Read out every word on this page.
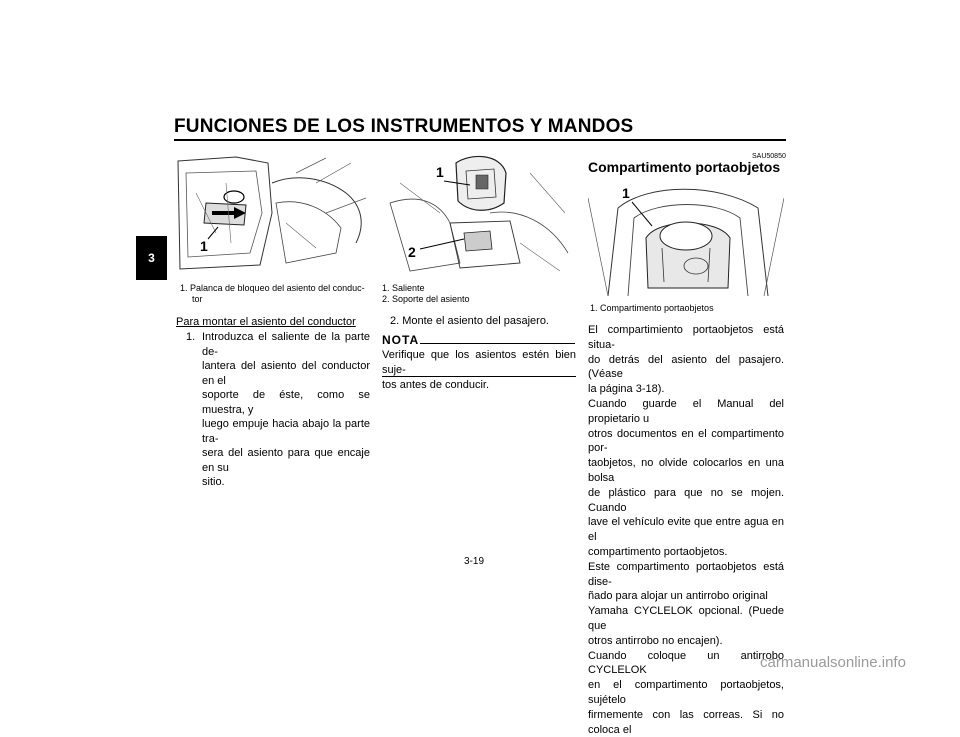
FUNCIONES DE LOS INSTRUMENTOS Y MANDOS
3
1
1. Palanca de bloqueo del asiento del conduc-
tor
Para montar el asiento del conductor
1. Introduzca el saliente de la parte de-
lantera del asiento del conductor en el
soporte de éste, como se muestra, y
luego empuje hacia abajo la parte tra-
sera del asiento para que encaje en su
sitio.
1
2
1. Saliente
2. Soporte del asiento
2. Monte el asiento del pasajero.
NOTA
Verifique que los asientos estén bien suje-
tos antes de conducir.
SAU50850
Compartimento portaobjetos
1
1. Compartimento portaobjetos
El compartimiento portaobjetos está situa-
do detrás del asiento del pasajero. (Véase
la página 3-18).
Cuando guarde el Manual del propietario u
otros documentos en el compartimento por-
taobjetos, no olvide colocarlos en una bolsa
de plástico para que no se mojen. Cuando
lave el vehículo evite que entre agua en el
compartimento portaobjetos.
Este compartimento portaobjetos está dise-
ñado para alojar un antirrobo original
Yamaha CYCLELOK opcional. (Puede que
otros antirrobo no encajen).
Cuando coloque un antirrobo CYCLELOK
en el compartimento portaobjetos, sujételo
firmemente con las correas. Si no coloca el
3-19
carmanualsonline.info
